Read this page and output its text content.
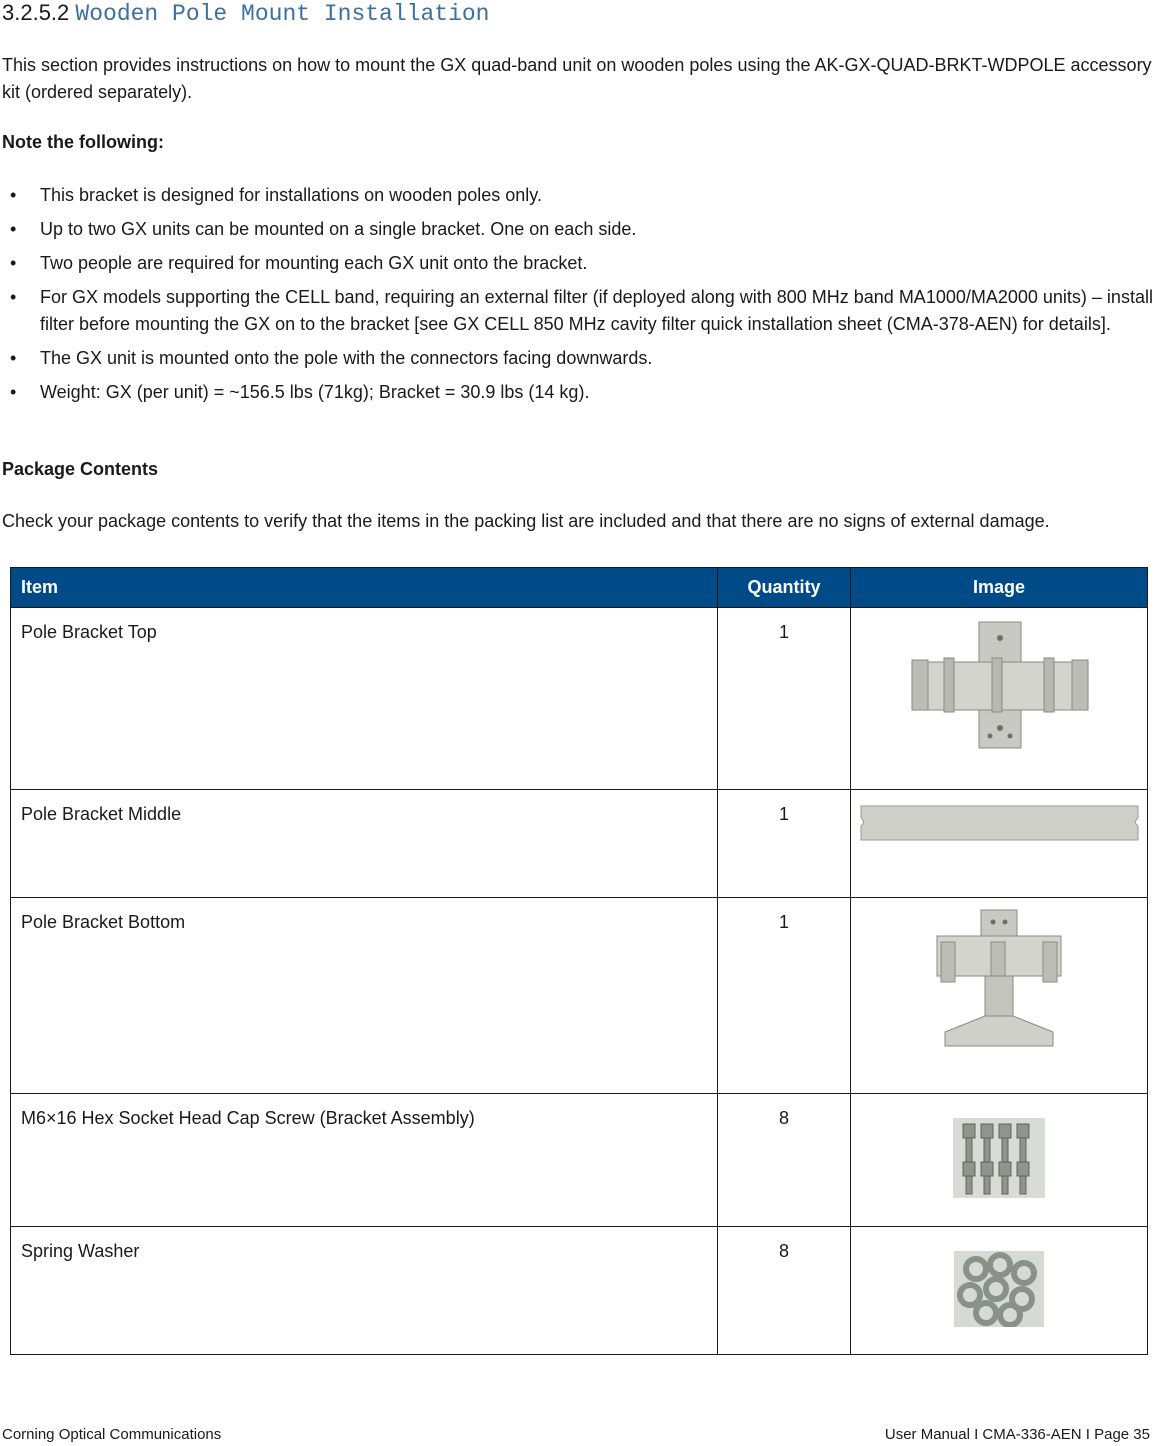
3.2.5.2 Wooden Pole Mount Installation

This section provides instructions on how to mount the GX quad-band unit on wooden poles using the AK-GX-QUAD-BRKT-WDPOLE accessory kit (ordered separately).

Note the following:

• This bracket is designed for installations on wooden poles only.
• Up to two GX units can be mounted on a single bracket. One on each side.
• Two people are required for mounting each GX unit onto the bracket.
• For GX models supporting the CELL band, requiring an external filter (if deployed along with 800 MHz band MA1000/MA2000 units) – install filter before mounting the GX on to the bracket [see GX CELL 850 MHz cavity filter quick installation sheet (CMA-378-AEN) for details].
• The GX unit is mounted onto the pole with the connectors facing downwards.
• Weight: GX (per unit) = ~156.5 lbs (71kg); Bracket = 30.9 lbs (14 kg).

Package Contents

Check your package contents to verify that the items in the packing list are included and that there are no signs of external damage.

Item	Quantity	Image
Pole Bracket Top	1	

Pole Bracket Middle	1	

Pole Bracket Bottom	1	

M6×16 Hex Socket Head Cap Screw (Bracket Assembly)	8	

Spring Washer	8	
Corning Optical Communications	User Manual I CMA-336-AEN I Page 35
